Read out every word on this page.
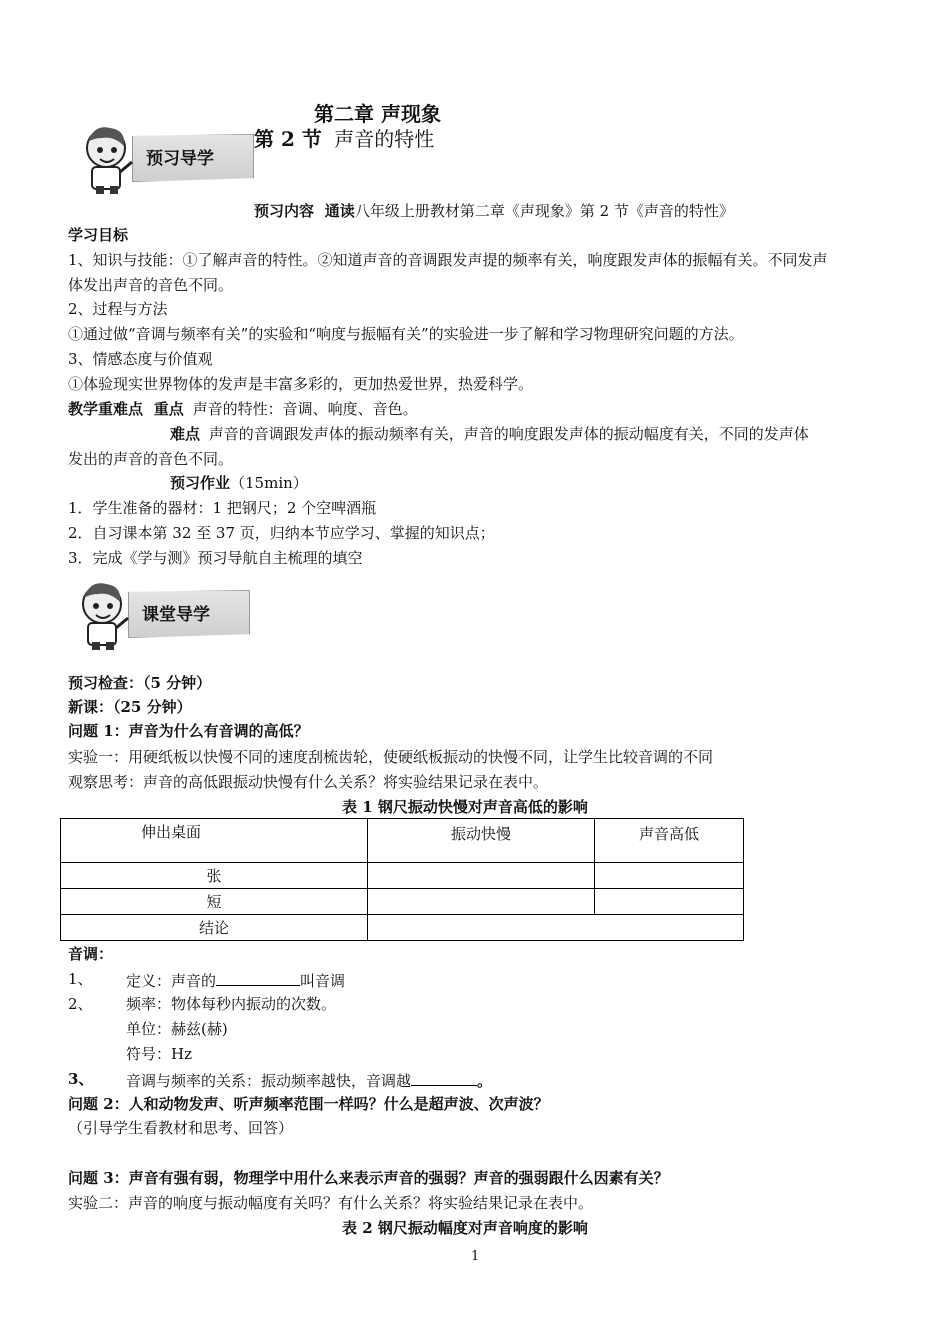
第二章 声现象
第 2 节 声音的特性
预习导学
预习内容 通读八年级上册教材第二章《声现象》第 2 节《声音的特性》
学习目标
1、知识与技能：①了解声音的特性。②知道声音的音调跟发声提的频率有关，响度跟发声体的振幅有关。不同发声
体发出声音的音色不同。
2、过程与方法
①通过做“音调与频率有关”的实验和“响度与振幅有关”的实验进一步了解和学习物理研究问题的方法。
3、情感态度与价值观
①体验现实世界物体的发声是丰富多彩的，更加热爱世界，热爱科学。
教学重难点 重点 声音的特性：音调、响度、音色。
难点 声音的音调跟发声体的振动频率有关，声音的响度跟发声体的振动幅度有关，不同的发声体
发出的声音的音色不同。
预习作业（15min）
1．学生准备的器材：1 把钢尺；2 个空啤酒瓶
2．自习课本第 32 至 37 页，归纳本节应学习、掌握的知识点；
3．完成《学与测》预习导航自主梳理的填空
课堂导学
预习检查：（5 分钟）
新课：（25 分钟）
问题 1：声音为什么有音调的高低？
实验一：用硬纸板以快慢不同的速度刮梳齿轮，使硬纸板振动的快慢不同，让学生比较音调的不同
观察思考：声音的高低跟振动快慢有什么关系？将实验结果记录在表中。
表 1 钢尺振动快慢对声音高低的影响
伸出桌面	振动快慢	声音高低
张		
短		
结论		
音调：
1、 定义：声音的	叫音调
2、 频率：物体每秒内振动的次数。
单位：赫兹(赫)
符号：Hz
3、 音调与频率的关系：振动频率越快，音调越	。
问题 2：人和动物发声、听声频率范围一样吗？什么是超声波、次声波？
（引导学生看教材和思考、回答）
问题 3：声音有强有弱，物理学中用什么来表示声音的强弱？声音的强弱跟什么因素有关？
实验二：声音的响度与振动幅度有关吗？有什么关系？将实验结果记录在表中。
表 2 钢尺振动幅度对声音响度的影响
1
